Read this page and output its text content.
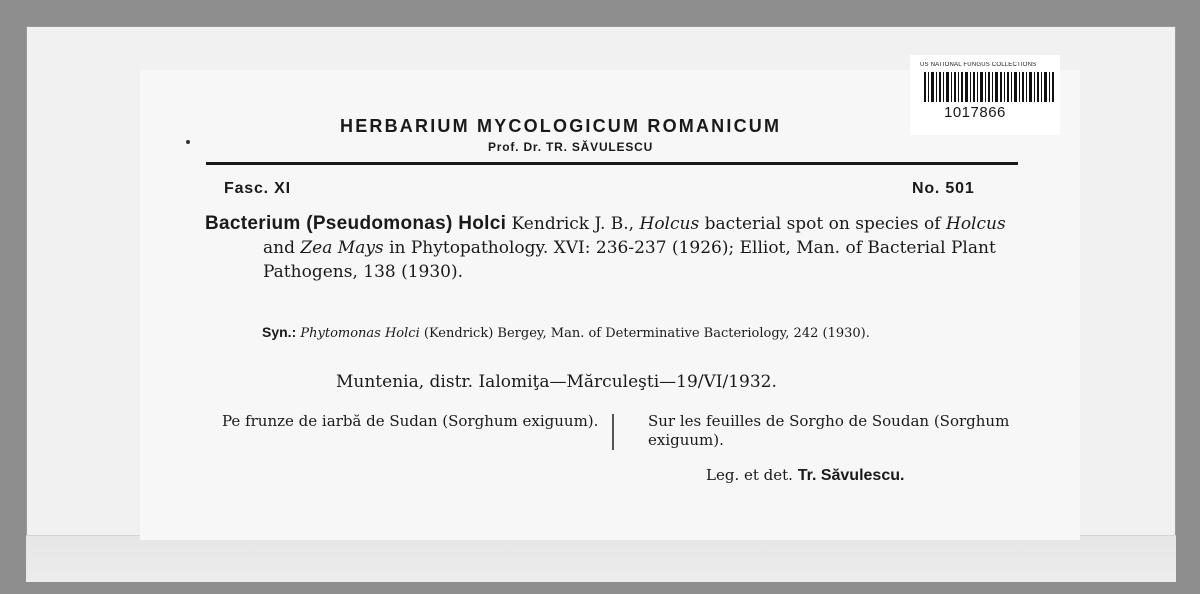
US NATIONAL FUNGUS COLLECTIONS
1017866
HERBARIUM MYCOLOGICUM ROMANICUM
Prof. Dr. TR. SĂVULESCU
Fasc. XI	No. 501
Bacterium (Pseudomonas) Holci Kendrick J. B., Holcus bacterial spot on species of Holcus and Zea Mays in Phytopathology. XVI: 236-237 (1926); Elliot, Man. of Bacterial Plant Pathogens, 138 (1930).
Syn.: Phytomonas Holci (Kendrick) Bergey, Man. of Determinative Bacteriology, 242 (1930).
Muntenia, distr. Ialomiţa—Mărculeşti—19/VI/1932.
Pe frunze de iarbă de Sudan (Sorghum exiguum).	Sur les feuilles de Sorgho de Soudan (Sorghum exiguum).
Leg. et det. Tr. Săvulescu.
